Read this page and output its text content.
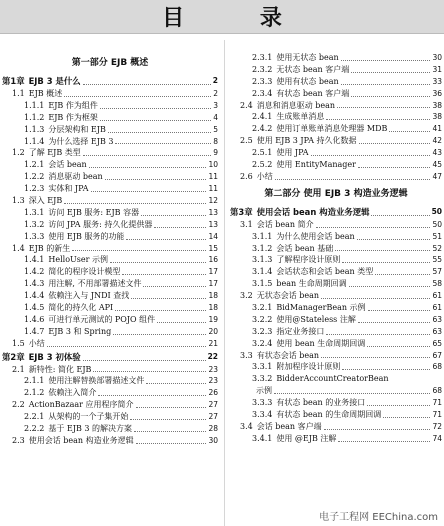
目 录
第一部分 EJB 概述
第1章 EJB 3 是什么	2
1.1 EJB 概述	2
1.1.1 EJB 作为组件	3
1.1.2 EJB 作为框架	4
1.1.3 分层架构和 EJB	5
1.1.4 为什么选择 EJB 3	8
1.2 了解 EJB 类型	9
1.2.1 会话 bean	10
1.2.2 消息驱动 bean	11
1.2.3 实体和 JPA	11
1.3 深入 EJB	12
1.3.1 访问 EJB 服务: EJB 容器	13
1.3.2 访问 JPA 服务: 持久化提供器	13
1.3.3 使用 EJB 服务的功能	14
1.4 EJB 的新生	15
1.4.1 HelloUser 示例	16
1.4.2 简化的程序设计模型	17
1.4.3 用注解, 不用部署描述文件	17
1.4.4 依赖注入与 JNDI 查找	18
1.4.5 简化的持久化 API	18
1.4.6 可进行单元测试的 POJO 组件	19
1.4.7 EJB 3 和 Spring	20
1.5 小结	21
第2章 EJB 3 初体验	22
2.1 新特性: 简化 EJB	23
2.1.1 使用注解替换部署描述文件	23
2.1.2 依赖注入简介	26
2.2 ActionBazaar 应用程序简介	27
2.2.1 从架构的一个子集开始	27
2.2.2 基于 EJB 3 的解决方案	28
2.3 使用会话 bean 构造业务逻辑	30
2.3.1 使用无状态 bean	30
2.3.2 无状态 bean 客户端	31
2.3.3 使用有状态 bean	33
2.3.4 有状态 bean 客户端	36
2.4 消息和消息驱动 bean	38
2.4.1 生成账单消息	38
2.4.2 使用订单账单消息处理器 MDB	41
2.5 使用 EJB 3 JPA 持久化数据	42
2.5.1 使用 JPA	43
2.5.2 使用 EntityManager	45
2.6 小结	47
第二部分 使用 EJB 3 构造业务逻辑
第3章 使用会话 bean 构造业务逻辑	50
3.1 会话 bean 简介	50
3.1.1 为什么使用会话 bean	51
3.1.2 会话 bean 基础	52
3.1.3 了解程序设计原则	55
3.1.4 会话状态和会话 bean 类型	57
3.1.5 bean 生命周期回调	58
3.2 无状态会话 bean	61
3.2.1 BidManagerBean 示例	61
3.2.2 使用@Stateless 注解	63
3.2.3 指定业务接口	63
3.2.4 使用 bean 生命周期回调	65
3.3 有状态会话 bean	67
3.3.1 附加程序设计原则	68
3.3.2 BidderAccountCreatorBean
示例	68
3.3.3 有状态 bean 的业务接口	71
3.3.4 有状态 bean 的生命周期回调	71
3.4 会话 bean 客户端	72
3.4.1 使用 @EJB 注解	74
电子工程网 EEChina.com
